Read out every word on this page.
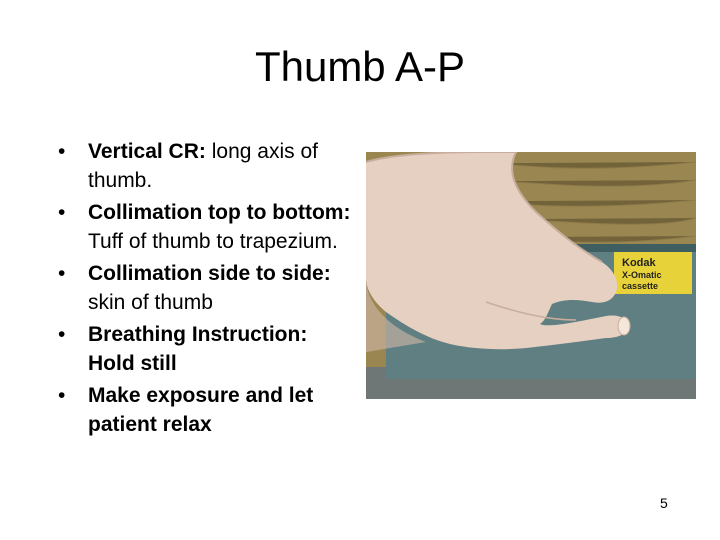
Thumb A-P
• Vertical CR: long axis of thumb.
• Collimation top to bottom: Tuff of thumb to trapezium.
• Collimation side to side: skin of thumb
• Breathing Instruction: Hold still
• Make exposure and let patient relax
Kodak
X-Omatic
cassette
5
